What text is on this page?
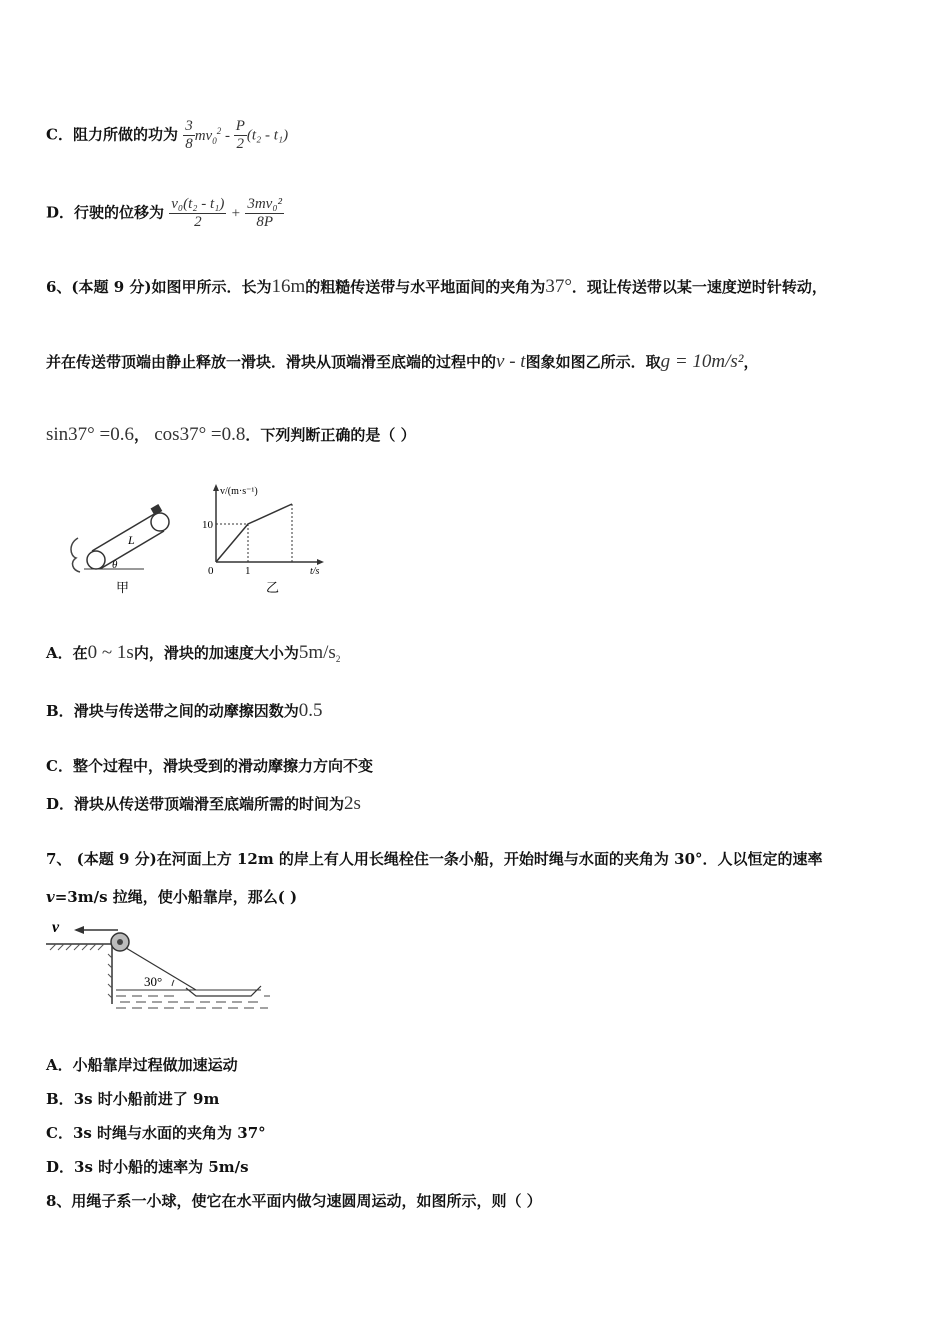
C．阻力所做的功为 $\frac{3}{8} mv_0^2 - \frac{P}{2} (t_2 - t_1)$
D．行驶的位移为 $\frac{\text{v₀(t₂ - t₁)}}{2} + \frac{\text{3mv₀²}}{8P}$
6、(本题 9 分)如图甲所示．长为16m的粗糙传送带与水平地面间的夹角为37°．现让传送带以某一速度逆时针转动，
并在传送带顶端由静止释放一滑块．滑块从顶端滑至底端的过程中的v - t图象如图乙所示．取g = 10m/s²，
sin37° =0.6， cos37° =0.8．下列判断正确的是（ ）
L
θ
甲
v/(m·s⁻¹)
10
0	1	t/s
乙
A．在0 ~ 1s内，滑块的加速度大小为$5m/s_2$
B．滑块与传送带之间的动摩擦因数为0.5
C．整个过程中，滑块受到的滑动摩擦力方向不变
D．滑块从传送带顶端滑至底端所需的时间为2s
7、 (本题 9 分)在河面上方 12m 的岸上有人用长绳栓住一条小船，开始时绳与水面的夹角为 30°．人以恒定的速率
v=3m/s 拉绳，使小船靠岸，那么( )
v
30°
A．小船靠岸过程做加速运动
B．3s 时小船前进了 9m
C．3s 时绳与水面的夹角为 37°
D．3s 时小船的速率为 5m/s
8、用绳子系一小球，使它在水平面内做匀速圆周运动，如图所示，则（ ）
